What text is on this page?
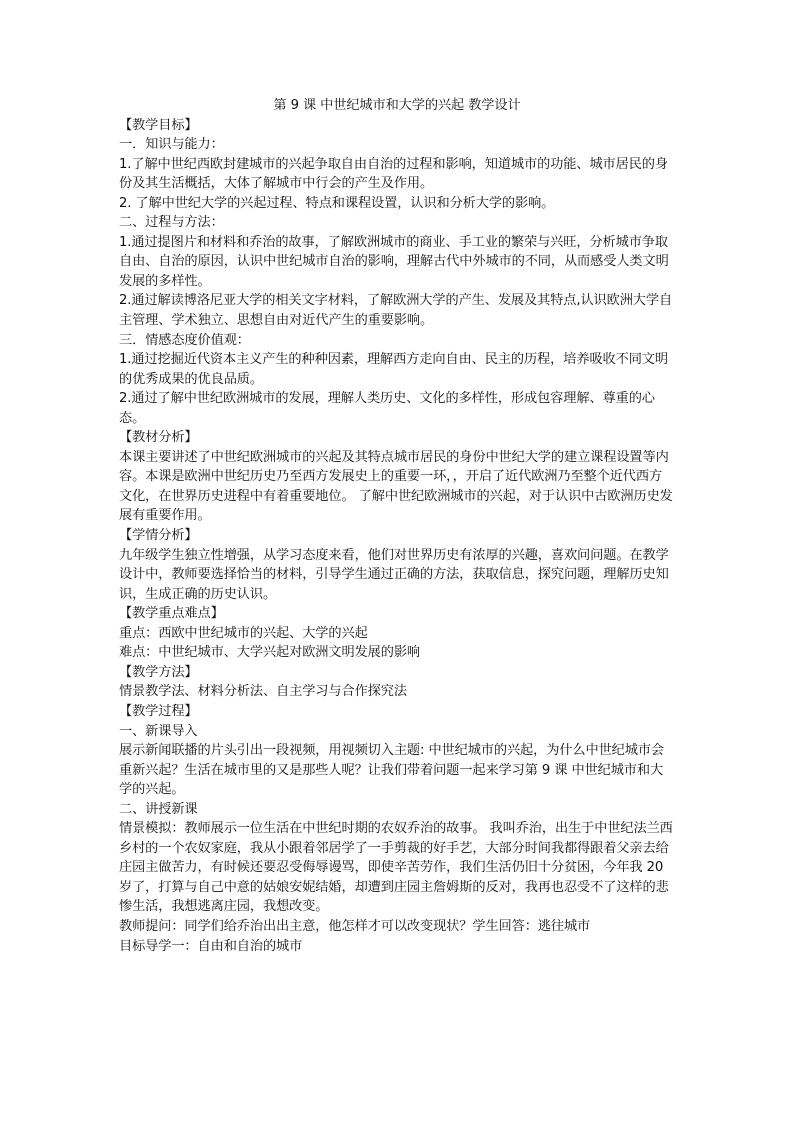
第 9 课 中世纪城市和大学的兴起 教学设计

【教学目标】

一．知识与能力：

1.了解中世纪西欧封建城市的兴起争取自由自治的过程和影响，知道城市的功能、城市居民的身份及其生活概括，大体了解城市中行会的产生及作用。

2. 了解中世纪大学的兴起过程、特点和课程设置，认识和分析大学的影响。

二、过程与方法：

1.通过提图片和材料和乔治的故事，了解欧洲城市的商业、手工业的繁荣与兴旺，分析城市争取自由、自治的原因，认识中世纪城市自治的影响，理解古代中外城市的不同，从而感受人类文明发展的多样性。

2.通过解读博洛尼亚大学的相关文字材料，了解欧洲大学的产生、发展及其特点,认识欧洲大学自主管理、学术独立、思想自由对近代产生的重要影响。

三．情感态度价值观：

1.通过挖掘近代资本主义产生的种种因素，理解西方走向自由、民主的历程，培养吸收不同文明的优秀成果的优良品质。

2.通过了解中世纪欧洲城市的发展，理解人类历史、文化的多样性，形成包容理解、尊重的心态。

【教材分析】

本课主要讲述了中世纪欧洲城市的兴起及其特点城市居民的身份中世纪大学的建立课程设置等内容。本课是欧洲中世纪历史乃至西方发展史上的重要一环，，开启了近代欧洲乃至整个近代西方文化，在世界历史进程中有着重要地位。 了解中世纪欧洲城市的兴起，对于认识中古欧洲历史发展有重要作用。

【学情分析】

九年级学生独立性增强，从学习态度来看，他们对世界历史有浓厚的兴趣，喜欢问问题。在教学设计中，教师要选择恰当的材料，引导学生通过正确的方法，获取信息，探究问题，理解历史知识，生成正确的历史认识。

【教学重点难点】

重点：西欧中世纪城市的兴起、大学的兴起

难点：中世纪城市、大学兴起对欧洲文明发展的影响

【教学方法】

情景教学法、材料分析法、自主学习与合作探究法

【教学过程】

一、新课导入

展示新闻联播的片头引出一段视频，用视频切入主题: 中世纪城市的兴起，为什么中世纪城市会重新兴起？生活在城市里的又是那些人呢？让我们带着问题一起来学习第 9 课 中世纪城市和大学的兴起。

二、讲授新课

情景模拟：教师展示一位生活在中世纪时期的农奴乔治的故事。 我叫乔治，出生于中世纪法兰西乡村的一个农奴家庭，我从小跟着邻居学了一手剪裁的好手艺，大部分时间我都得跟着父亲去给庄园主做苦力，有时候还要忍受侮辱谩骂，即使辛苦劳作，我们生活仍旧十分贫困，今年我 20岁了，打算与自己中意的姑娘安妮结婚，却遭到庄园主詹姆斯的反对，我再也忍受不了这样的悲惨生活，我想逃离庄园，我想改变。

教师提问：同学们给乔治出出主意，他怎样才可以改变现状？学生回答：逃往城市

目标导学一：自由和自治的城市
